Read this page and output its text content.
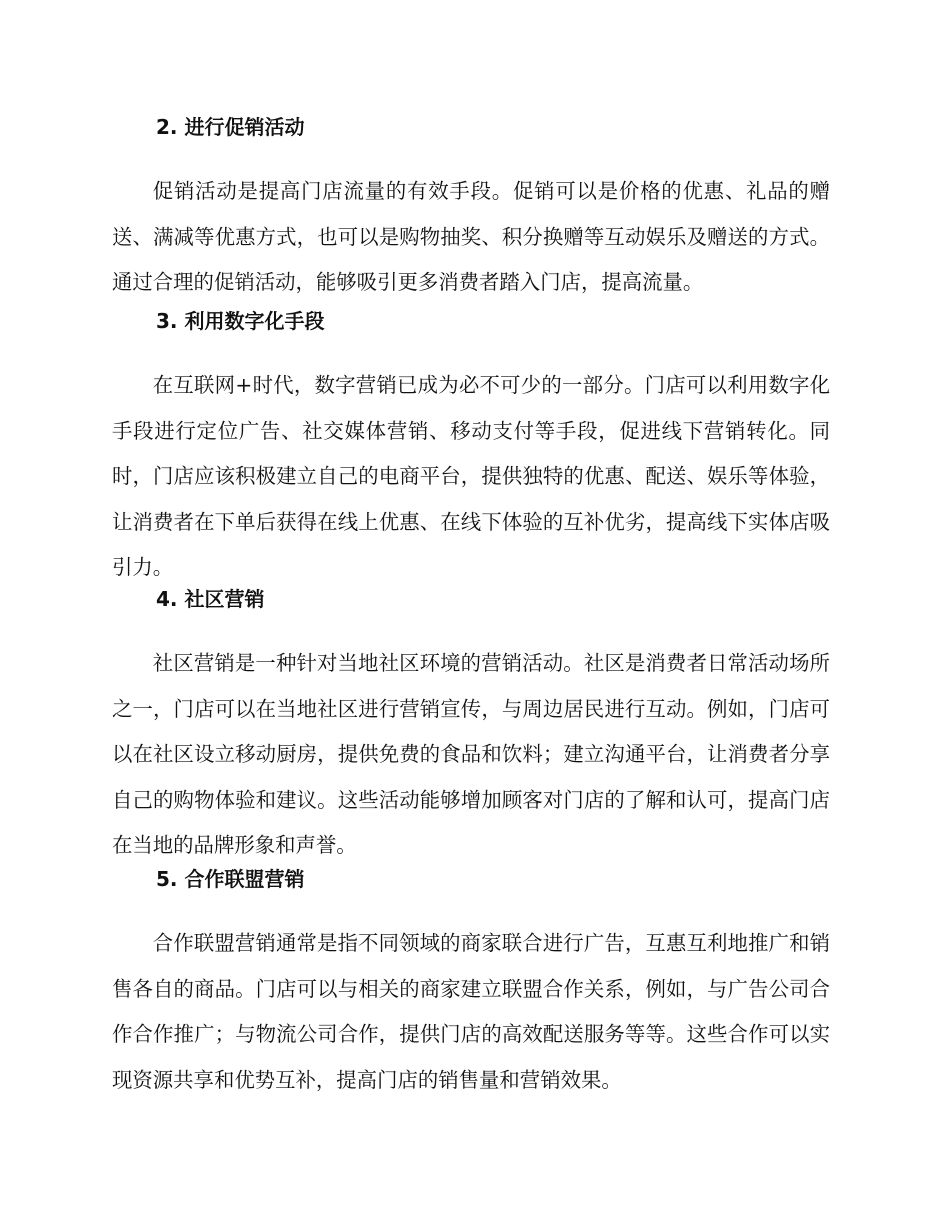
2. 进行促销活动

促销活动是提高门店流量的有效手段。促销可以是价格的优惠、礼品的赠送、满减等优惠方式，也可以是购物抽奖、积分换赠等互动娱乐及赠送的方式。通过合理的促销活动，能够吸引更多消费者踏入门店，提高流量。

3. 利用数字化手段

在互联网+时代，数字营销已成为必不可少的一部分。门店可以利用数字化手段进行定位广告、社交媒体营销、移动支付等手段，促进线下营销转化。同时，门店应该积极建立自己的电商平台，提供独特的优惠、配送、娱乐等体验，让消费者在下单后获得在线上优惠、在线下体验的互补优劣，提高线下实体店吸引力。

4. 社区营销

社区营销是一种针对当地社区环境的营销活动。社区是消费者日常活动场所之一，门店可以在当地社区进行营销宣传，与周边居民进行互动。例如，门店可以在社区设立移动厨房，提供免费的食品和饮料；建立沟通平台，让消费者分享自己的购物体验和建议。这些活动能够增加顾客对门店的了解和认可，提高门店在当地的品牌形象和声誉。

5. 合作联盟营销

合作联盟营销通常是指不同领域的商家联合进行广告，互惠互利地推广和销售各自的商品。门店可以与相关的商家建立联盟合作关系，例如，与广告公司合作合作推广；与物流公司合作，提供门店的高效配送服务等等。这些合作可以实现资源共享和优势互补，提高门店的销售量和营销效果。
